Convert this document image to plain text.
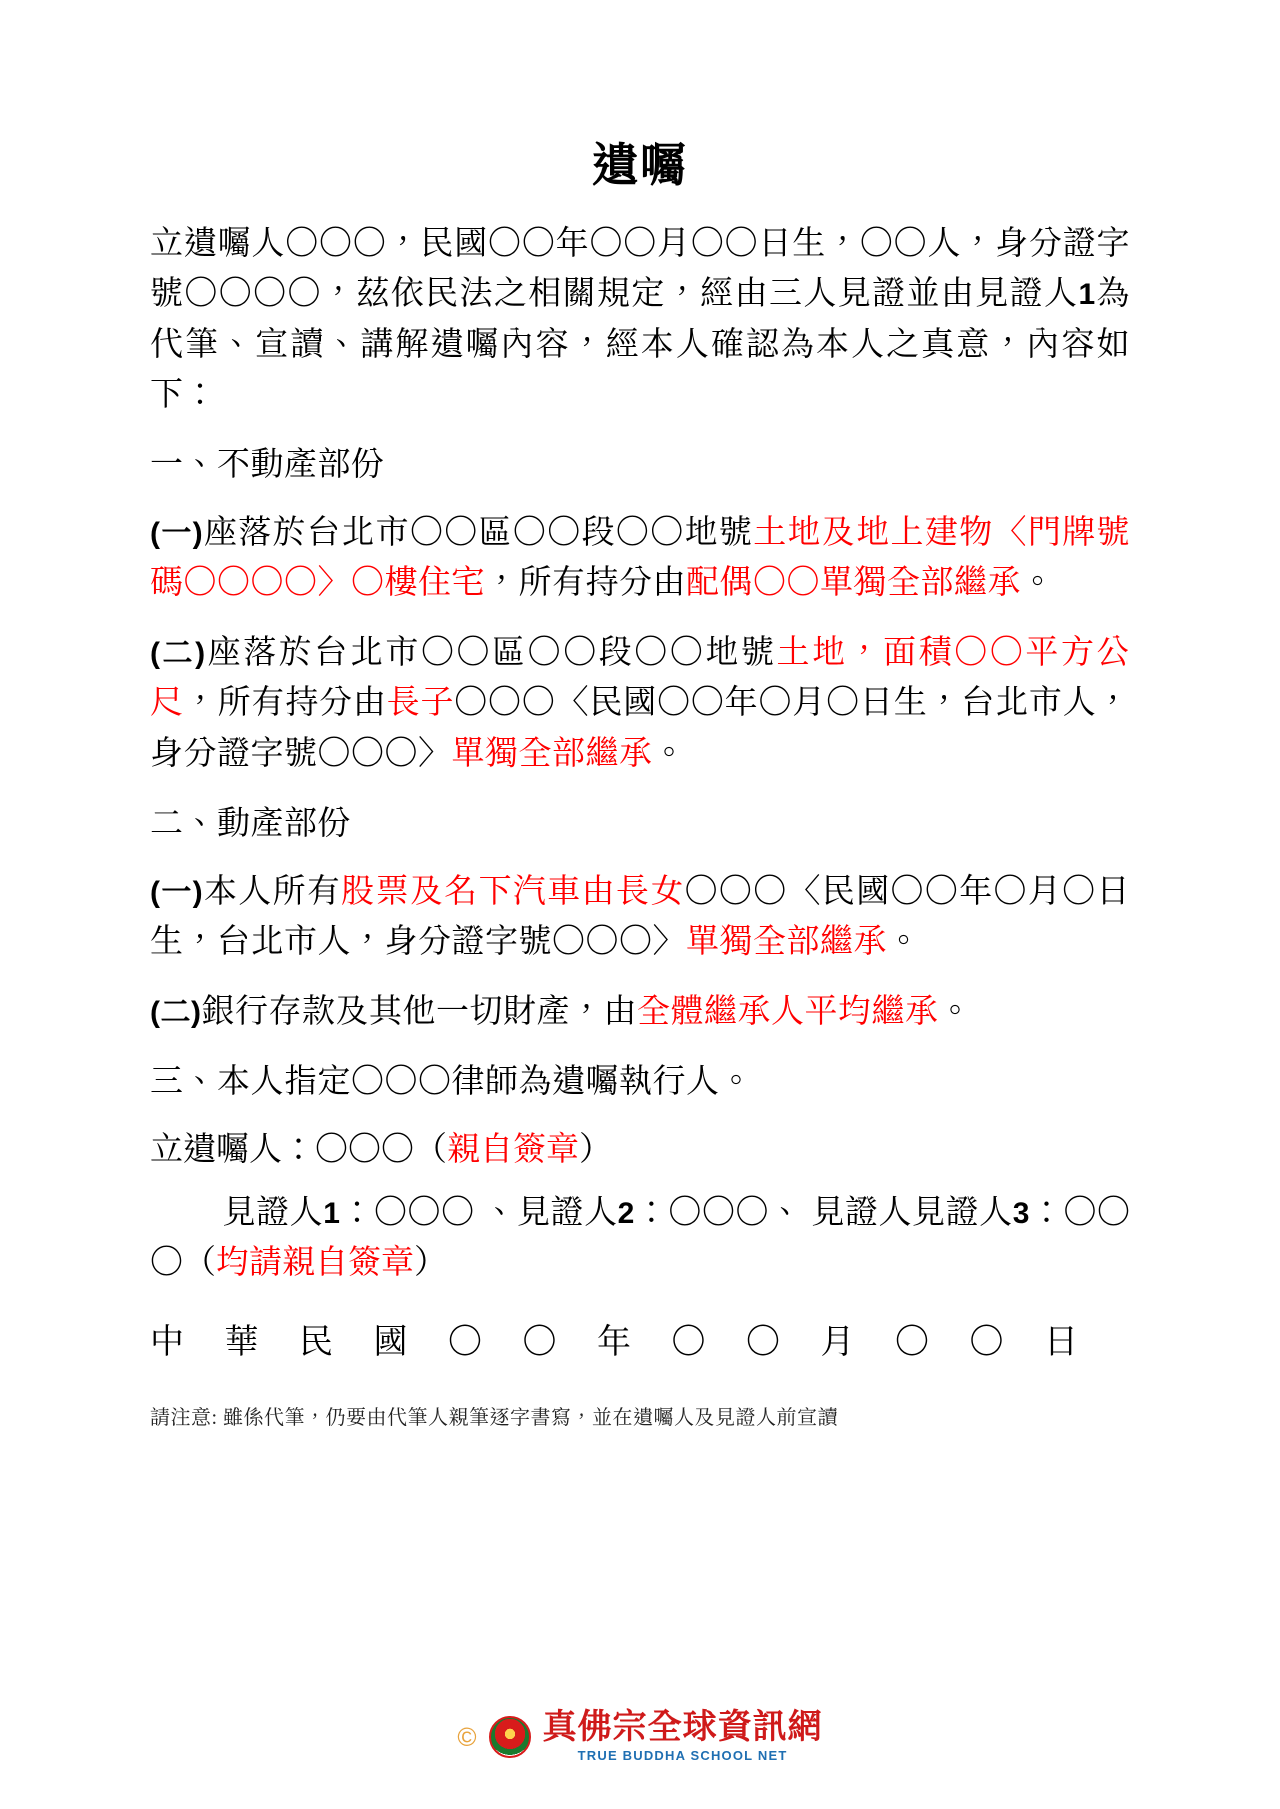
遺囑

立遺囑人〇〇〇，民國〇〇年〇〇月〇〇日生，〇〇人，身分證字號〇〇〇〇，茲依民法之相關規定，經由三人見證並由見證人1為代筆、宣讀、講解遺囑內容，經本人確認為本人之真意，內容如下：

一、不動產部份

(一)座落於台北市〇〇區〇〇段〇〇地號土地及地上建物〈門牌號碼〇〇〇〇〉〇樓住宅，所有持分由配偶〇〇單獨全部繼承。

(二)座落於台北市〇〇區〇〇段〇〇地號土地，面積〇〇平方公尺，所有持分由長子〇〇〇〈民國〇〇年〇月〇日生，台北市人，身分證字號〇〇〇〉單獨全部繼承。

二、動產部份

(一)本人所有股票及名下汽車由長女〇〇〇〈民國〇〇年〇月〇日生，台北市人，身分證字號〇〇〇〉單獨全部繼承。

(二)銀行存款及其他一切財產，由全體繼承人平均繼承。

三、本人指定〇〇〇律師為遺囑執行人。

立遺囑人：〇〇〇（親自簽章）

見證人1：〇〇〇 、見證人2：〇〇〇、 見證人見證人3：〇〇〇（均請親自簽章）

中 華 民 國 〇 〇 年 〇 〇 月 〇 〇 日

請注意: 雖係代筆，仍要由代筆人親筆逐字書寫，並在遺囑人及見證人前宣讀

© 真佛宗全球資訊網
TRUE BUDDHA SCHOOL NET
